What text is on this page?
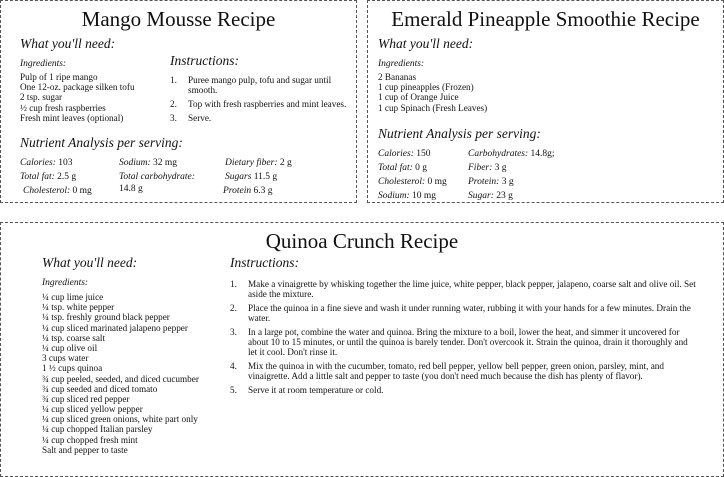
Mango Mousse Recipe
What you'll need:
Ingredients:
Pulp of 1 ripe mango
One 12-oz. package silken tofu
2 tsp. sugar
½ cup fresh raspberries
Fresh mint leaves (optional)
Instructions:
1. Puree mango pulp, tofu and sugar until smooth.
2. Top with fresh raspberries and mint leaves.
3. Serve.
Nutrient Analysis per serving:
Calories: 103
Total fat: 2.5 g
Cholesterol: 0 mg
Sodium: 32 mg
Total carbohydrate:
14.8 g
Dietary fiber: 2 g
Sugars 11.5 g
Protein 6.3 g
Emerald Pineapple Smoothie Recipe
What you'll need:
Ingredients:
2 Bananas
1 cup pineapples (Frozen)
1 cup of Orange Juice
1 cup Spinach (Fresh Leaves)
Nutrient Analysis per serving:
Calories: 150
Total fat: 0 g
Cholesterol: 0 mg
Sodium: 10 mg
Carbohydrates: 14.8g;
Fiber: 3 g
Protein: 3 g
Sugar: 23 g
Quinoa Crunch Recipe
What you'll need:
Ingredients:
¼ cup lime juice
¼ tsp. white pepper
¼ tsp. freshly ground black pepper
¼ cup sliced marinated jalapeno pepper
¼ tsp. coarse salt
¼ cup olive oil
3 cups water
1 ½ cups quinoa
¾ cup peeled, seeded, and diced cucumber
¾ cup seeded and diced tomato
¾ cup sliced red pepper
¼ cup sliced yellow pepper
¼ cup sliced green onions, white part only
¼ cup chopped Italian parsley
¼ cup chopped fresh mint
Salt and pepper to taste
Instructions:
1. Make a vinaigrette by whisking together the lime juice, white pepper, black pepper, jalapeno, coarse salt and olive oil. Set aside the mixture.
2. Place the quinoa in a fine sieve and wash it under running water, rubbing it with your hands for a few minutes. Drain the water.
3. In a large pot, combine the water and quinoa. Bring the mixture to a boil, lower the heat, and simmer it uncovered for about 10 to 15 minutes, or until the quinoa is barely tender. Don't overcook it. Strain the quinoa, drain it thoroughly and let it cool. Don't rinse it.
4. Mix the quinoa in with the cucumber, tomato, red bell pepper, yellow bell pepper, green onion, parsley, mint, and vinaigrette. Add a little salt and pepper to taste (you don't need much because the dish has plenty of flavor).
5. Serve it at room temperature or cold.
